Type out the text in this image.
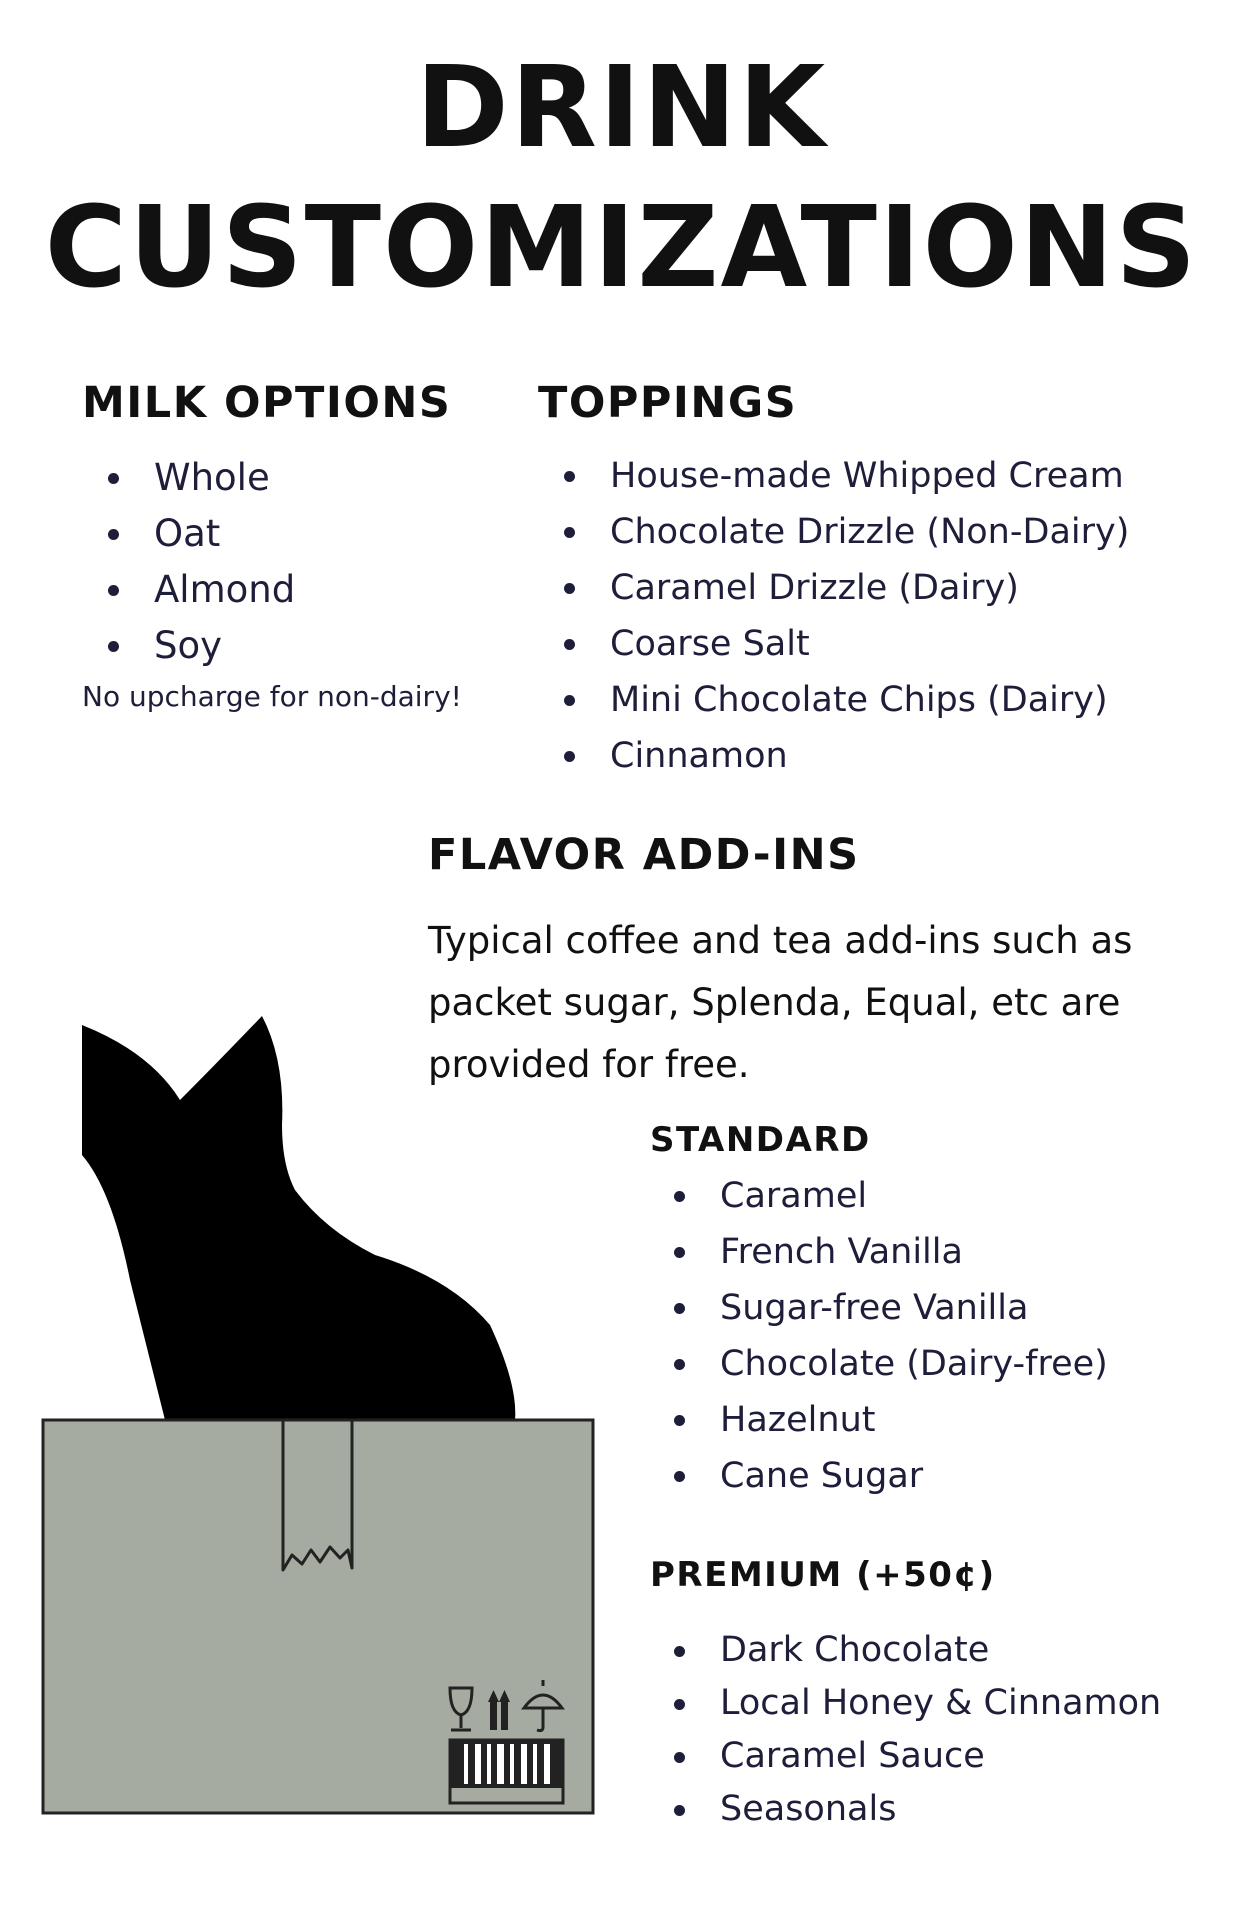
DRINK
CUSTOMIZATIONS
MILK OPTIONS
Whole
Oat
Almond
Soy

No upcharge for non-dairy!

TOPPINGS
House-made Whipped Cream
Chocolate Drizzle (Non-Dairy)
Caramel Drizzle (Dairy)
Coarse Salt
Mini Chocolate Chips (Dairy)
Cinnamon
FLAVOR ADD-INS

Typical coffee and tea add-ins such as packet sugar, Splenda, Equal, etc are provided for free.

STANDARD
Caramel
French Vanilla
Sugar-free Vanilla
Chocolate (Dairy-free)
Hazelnut
Cane Sugar
PREMIUM (+50¢)
Dark Chocolate
Local Honey & Cinnamon
Caramel Sauce
Seasonals
